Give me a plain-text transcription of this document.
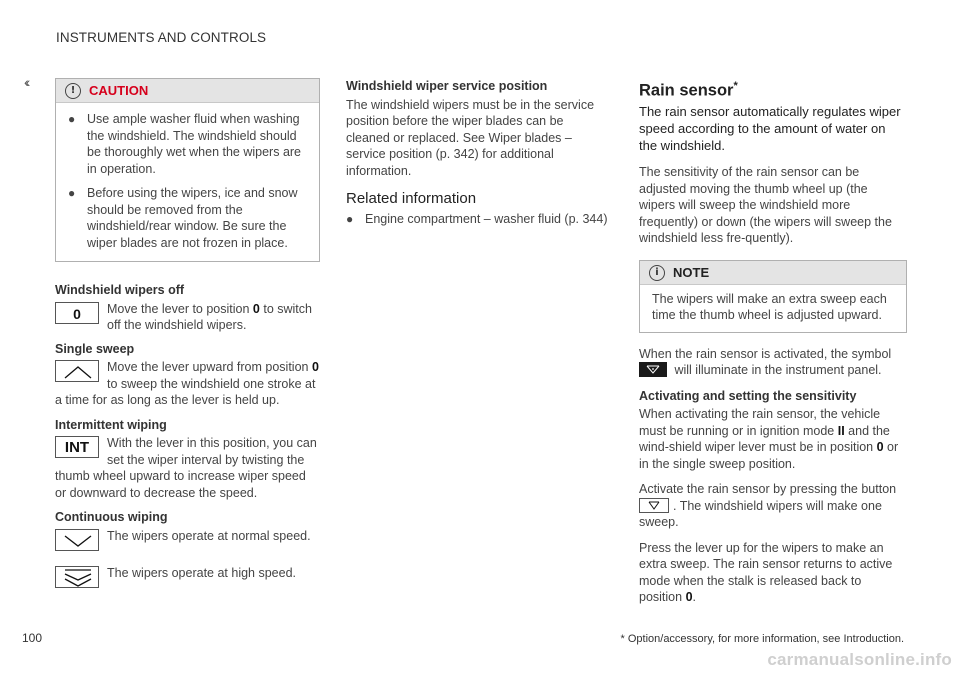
INSTRUMENTS AND CONTROLS
‹‹
!	CAUTION
● Use ample washer fluid when washing the windshield. The windshield should be thoroughly wet when the wipers are in operation.
● Before using the wipers, ice and snow should be removed from the windshield/rear window. Be sure the wiper blades are not frozen in place.
Windshield wipers off
0	Move the lever to position 0 to switch off the windshield wipers.
Single sweep
Move the lever upward from position 0 to sweep the windshield one stroke at a time for as long as the lever is held up.
Intermittent wiping
INT	With the lever in this position, you can set the wiper interval by twisting the thumb wheel upward to increase wiper speed or downward to decrease the speed.
Continuous wiping
The wipers operate at normal speed.
The wipers operate at high speed.
Windshield wiper service position

The windshield wipers must be in the service position before the wiper blades can be cleaned or replaced. See Wiper blades – service position (p. 342) for additional information.

Related information
● Engine compartment – washer fluid (p. 344)
Rain sensor*
The rain sensor automatically regulates wiper speed according to the amount of water on the windshield.

The sensitivity of the rain sensor can be adjusted moving the thumb wheel up (the wipers will sweep the windshield more frequently) or down (the wipers will sweep the windshield less fre-quently).

i	NOTE
The wipers will make an extra sweep each time the thumb wheel is adjusted upward.

When the rain sensor is activated, the symbol

will illuminate in the instrument panel.

Activating and setting the sensitivity

When activating the rain sensor, the vehicle must be running or in ignition mode II and the wind-shield wiper lever must be in position 0 or in the single sweep position.

Activate the rain sensor by pressing the button

. The windshield wipers will make one sweep.

Press the lever up for the wipers to make an extra sweep. The rain sensor returns to active mode when the stalk is released back to position 0.

100	* Option/accessory, for more information, see Introduction.
carmanualsonline.info
